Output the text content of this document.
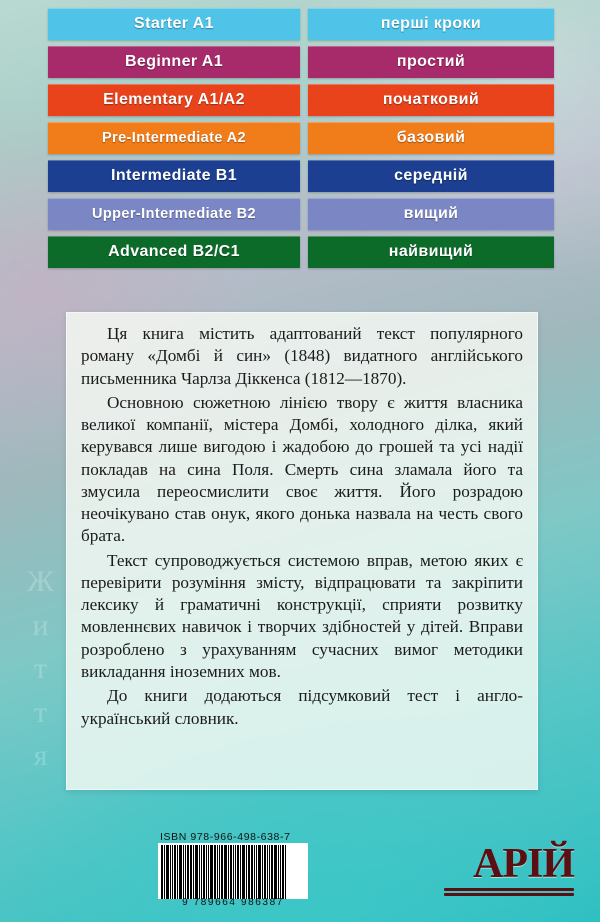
Ж
и
т
т
я
Starter A1	перші кроки
Beginner A1	простий
Elementary A1/A2	початковий
Pre-Intermediate A2	базовий
Intermediate B1	середній
Upper-Intermediate B2	вищий
Advanced B2/C1	найвищий

Ця книга містить адаптований текст популярного роману «Домбі й син» (1848) видатного англійського письменника Чарлза Діккенса (1812—1870).

Основною сюжетною лінією твору є життя власника великої компанії, містера Домбі, холодного ділка, який керувався лише вигодою і жадобою до грошей та усі надії покладав на сина Поля. Смерть сина зламала його та змусила переосмислити своє життя. Його розрадою неочікувано став онук, якого донька назвала на честь свого брата.

Текст супроводжується системою вправ, метою яких є перевірити розуміння змісту, відпрацювати та закріпити лексику й граматичні конструкції, сприяти розвитку мовленнєвих навичок і творчих здібностей у дітей. Вправи розроблено з урахуванням сучасних вимог методики викладання іноземних мов.

До книги додаються підсумковий тест і англо-український словник.

ISBN 978-966-498-638-7
9 789664 986387
АРІЙ
